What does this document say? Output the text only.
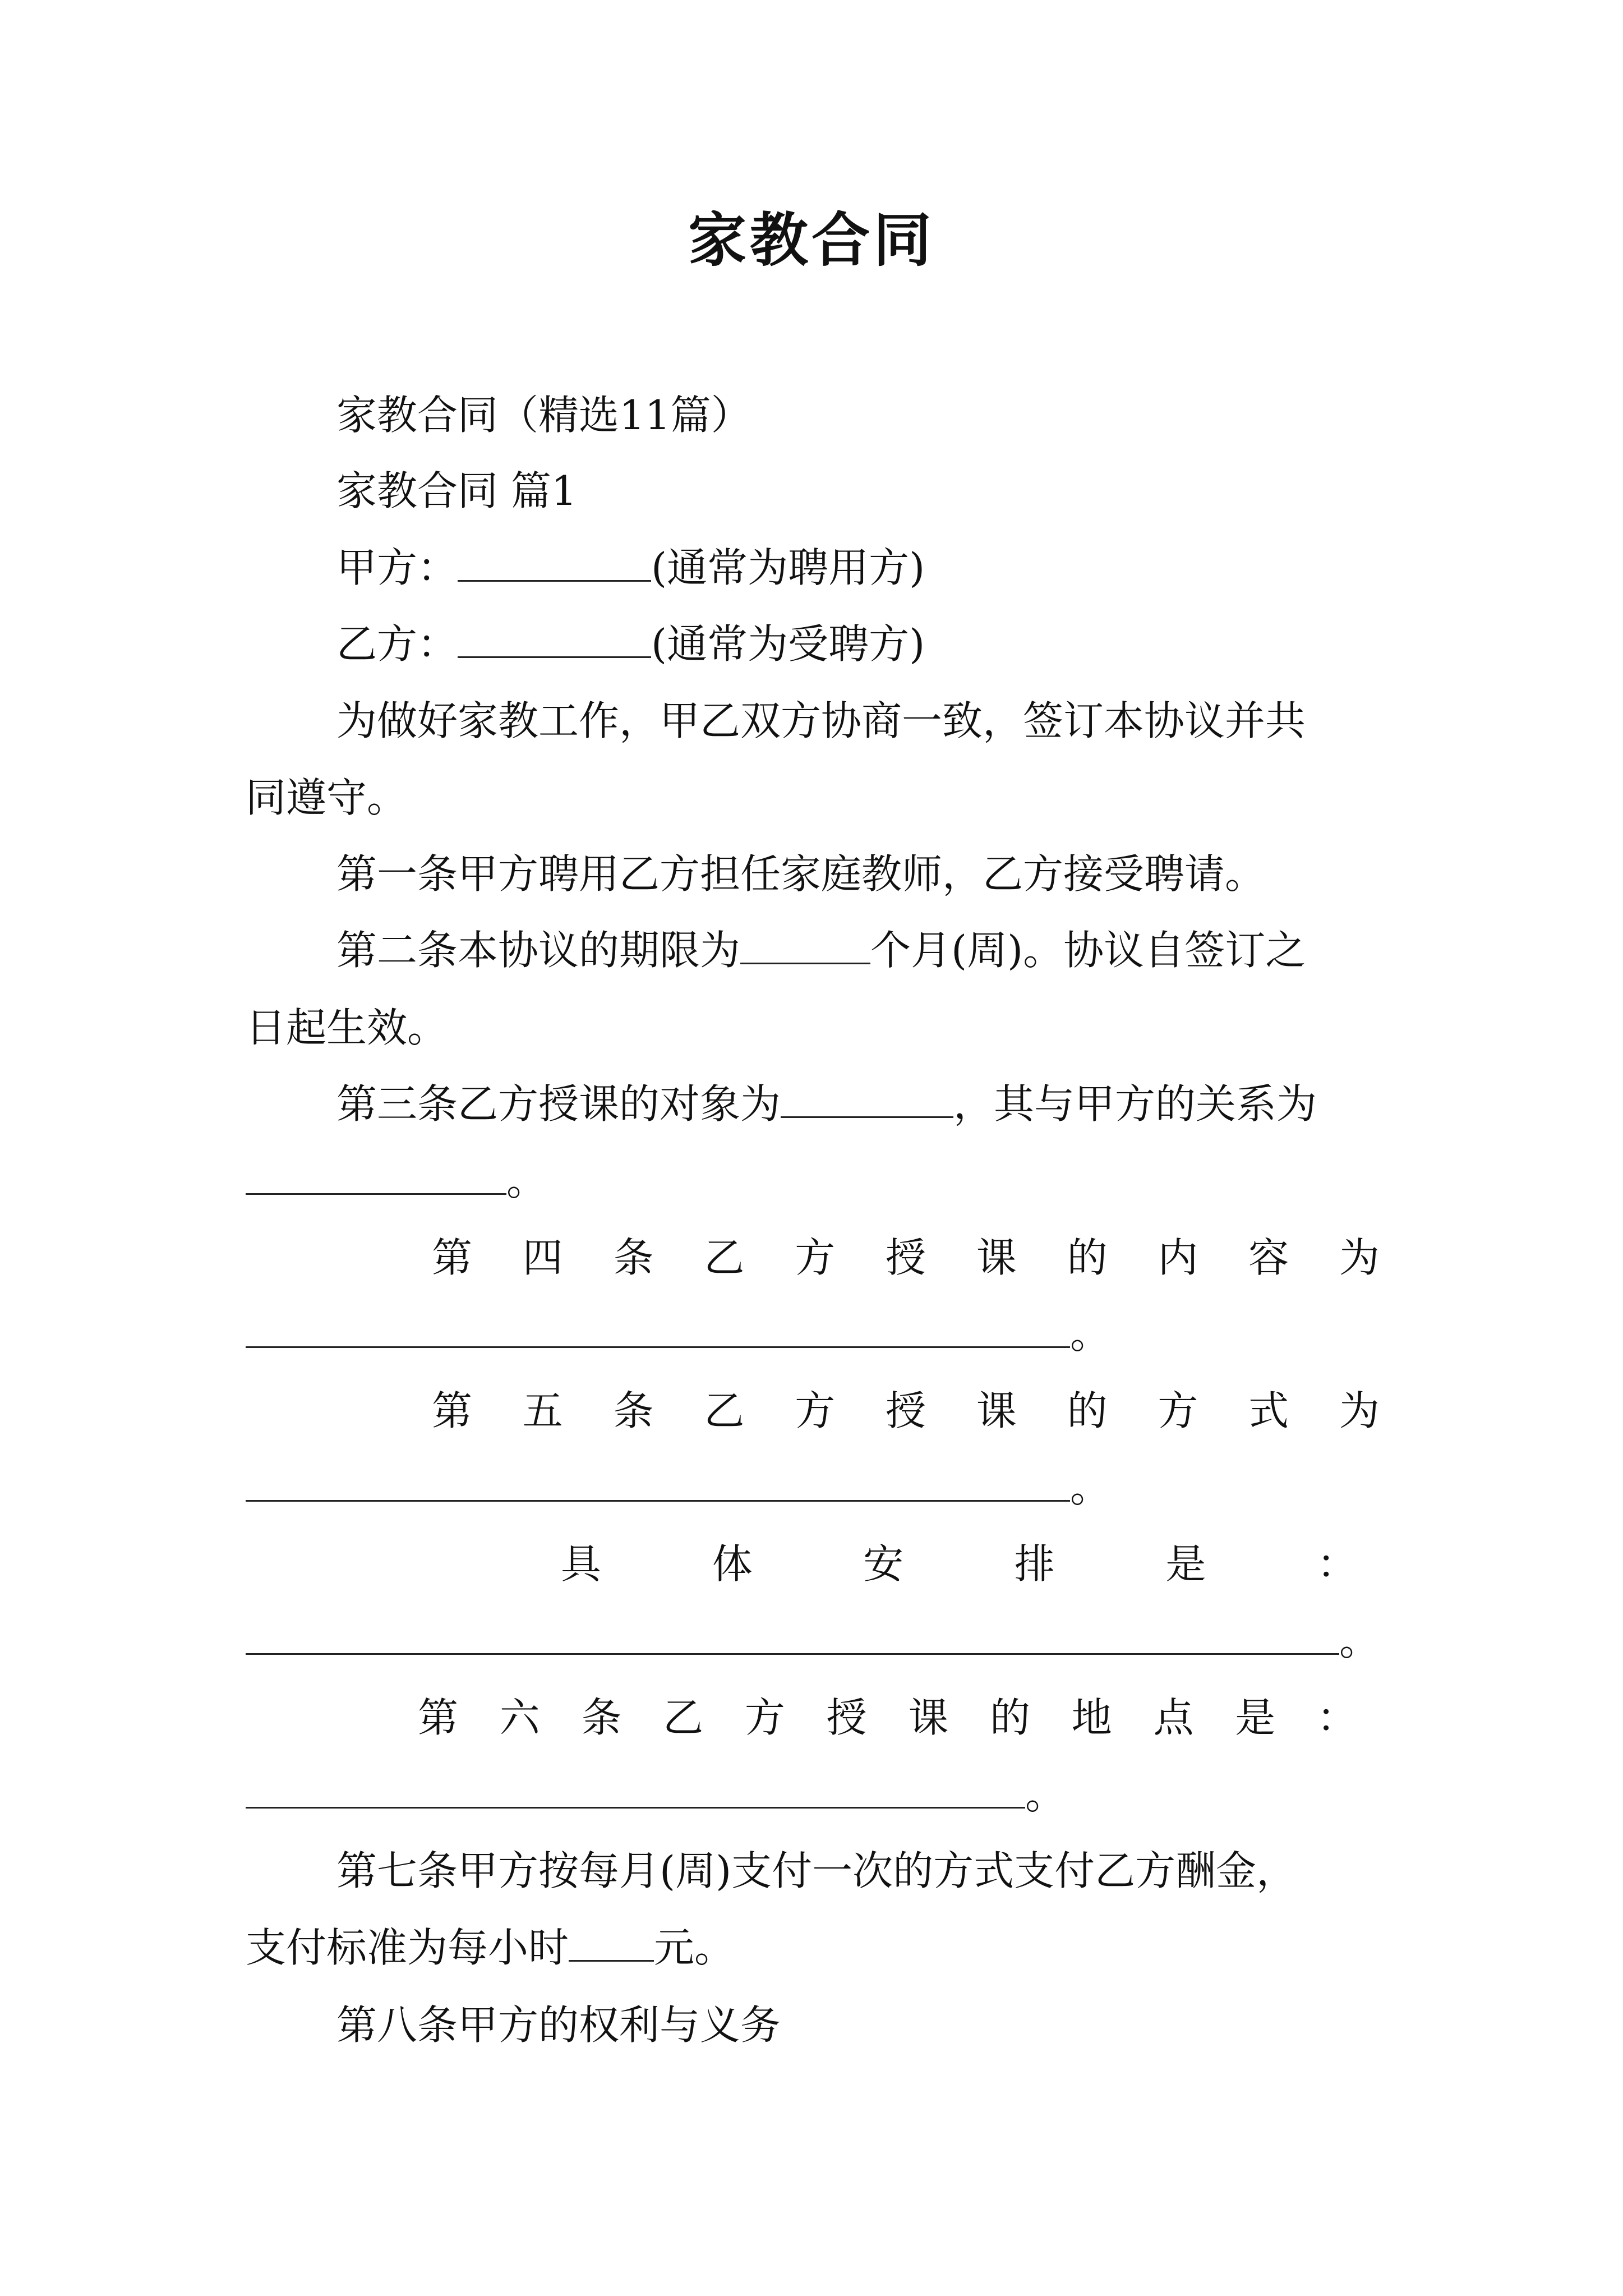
家教合同
家教合同（精选11篇）
家教合同 篇1
甲方：	(通常为聘用方)
乙方：	(通常为受聘方)
为做好家教工作，甲乙双方协商一致，签订本协议并共
同遵守。
第一条甲方聘用乙方担任家庭教师，乙方接受聘请。
第二条本协议的期限为	个月(周)。协议自签订之
日起生效。
第三条乙方授课的对象为	，其与甲方的关系为
。
第 四 条 乙 方 授 课 的 内 容 为
。
第 五 条 乙 方 授 课 的 方 式 为
。
具	体	安	排	是	：
。
第 六 条 乙 方 授 课 的 地 点 是 ：
。
第七条甲方按每月(周)支付一次的方式支付乙方酬金，
支付标准为每小时 元。
第八条甲方的权利与义务
